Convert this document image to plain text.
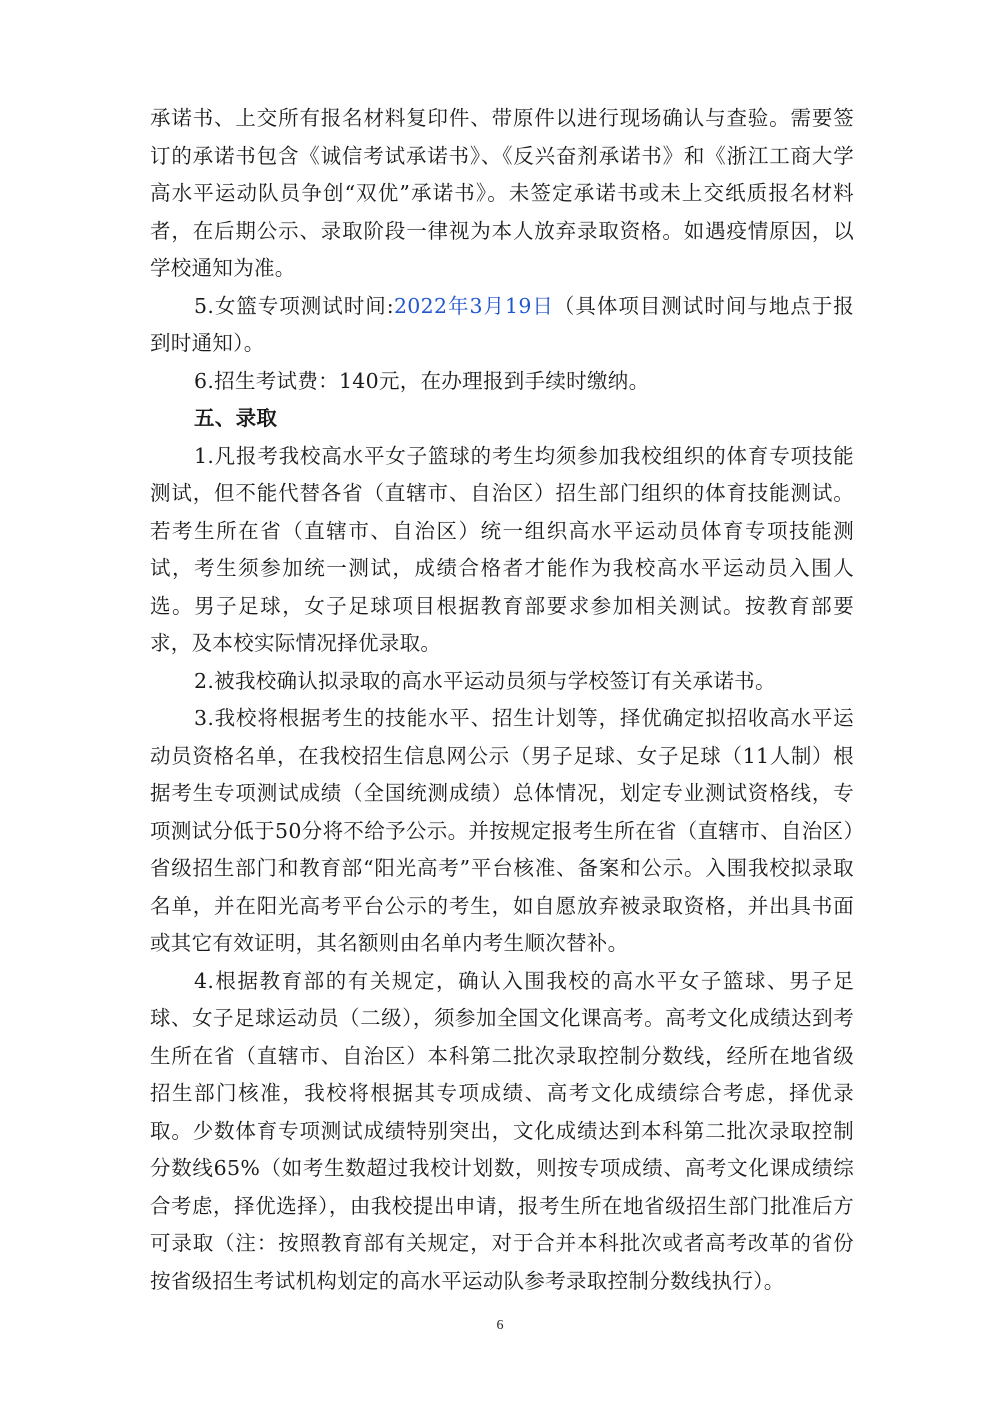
承诺书、上交所有报名材料复印件、带原件以进行现场确认与查验。需要签订的承诺书包含《诚信考试承诺书》、《反兴奋剂承诺书》和《浙江工商大学高水平运动队员争创“双优”承诺书》。未签定承诺书或未上交纸质报名材料者，在后期公示、录取阶段一律视为本人放弃录取资格。如遇疫情原因，以学校通知为准。

5.女篮专项测试时间:2022年3月19日（具体项目测试时间与地点于报到时通知）。

6.招生考试费：140元，在办理报到手续时缴纳。

五、录取

1.凡报考我校高水平女子篮球的考生均须参加我校组织的体育专项技能测试，但不能代替各省（直辖市、自治区）招生部门组织的体育技能测试。若考生所在省（直辖市、自治区）统一组织高水平运动员体育专项技能测试，考生须参加统一测试，成绩合格者才能作为我校高水平运动员入围人选。男子足球，女子足球项目根据教育部要求参加相关测试。按教育部要求，及本校实际情况择优录取。

2.被我校确认拟录取的高水平运动员须与学校签订有关承诺书。

3.我校将根据考生的技能水平、招生计划等，择优确定拟招收高水平运动员资格名单，在我校招生信息网公示（男子足球、女子足球（11人制）根据考生专项测试成绩（全国统测成绩）总体情况，划定专业测试资格线，专项测试分低于50分将不给予公示。并按规定报考生所在省（直辖市、自治区）省级招生部门和教育部“阳光高考”平台核准、备案和公示。入围我校拟录取名单，并在阳光高考平台公示的考生，如自愿放弃被录取资格，并出具书面或其它有效证明，其名额则由名单内考生顺次替补。

4.根据教育部的有关规定，确认入围我校的高水平女子篮球、男子足球、女子足球运动员（二级），须参加全国文化课高考。高考文化成绩达到考生所在省（直辖市、自治区）本科第二批次录取控制分数线，经所在地省级招生部门核准，我校将根据其专项成绩、高考文化成绩综合考虑，择优录取。少数体育专项测试成绩特别突出，文化成绩达到本科第二批次录取控制分数线65%（如考生数超过我校计划数，则按专项成绩、高考文化课成绩综合考虑，择优选择），由我校提出申请，报考生所在地省级招生部门批准后方可录取（注：按照教育部有关规定，对于合并本科批次或者高考改革的省份按省级招生考试机构划定的高水平运动队参考录取控制分数线执行）。

6
